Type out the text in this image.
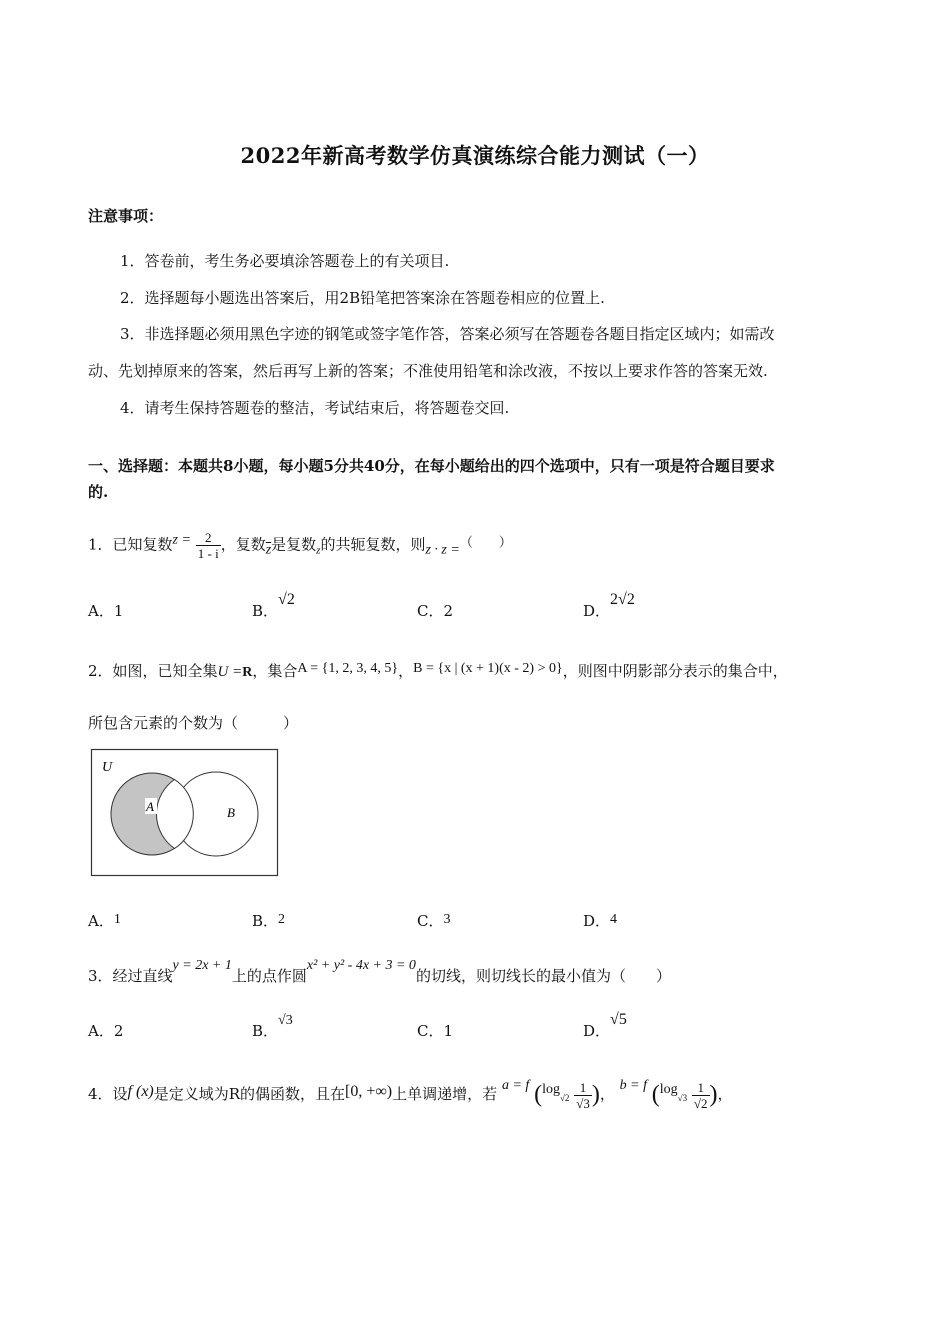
2022年新高考数学仿真演练综合能力测试（一）
注意事项：
1．答卷前，考生务必要填涂答题卷上的有关项目.
2．选择题每小题选出答案后，用2B铅笔把答案涂在答题卷相应的位置上.
3．非选择题必须用黑色字迹的钢笔或签字笔作答，答案必须写在答题卷各题目指定区域内；如需改
动、先划掉原来的答案，然后再写上新的答案；不准使用铅笔和涂改液，不按以上要求作答的答案无效.
4．请考生保持答题卷的整洁，考试结束后，将答题卷交回.
一、选择题：本题共8小题，每小题5分共40分，在每小题给出的四个选项中，只有一项是符合题目要求
的.
1．已知复数$z = \frac{2}{1 - i}$ ，复数$\overline{z}$是复数$_z$的共轭复数，则z · z =（　　）
A．1	B．√2
C．2	D．2√2
2．如图，已知全集U =R，集合A = {1, 2, 3, 4, 5}，B = {x | (x + 1)(x - 2) > 0}，则图中阴影部分表示的集合中，
所包含元素的个数为（　　　）
U
A	B
A．1	B．2	C．3	D．4
3．经过直线y = 2x + 1上的点作圆x² + y² - 4x + 3 = 0的切线，则切线长的最小值为（　　）
A．2	B．√3
C．1	D．√5
4．设f (x)是定义域为R的偶函数，且在[0, +∞)上单调递增，若 a = f ($\log√2 \frac{1}{√3}$ )， b = f ($\log√3 \frac{1}{√2}$ )，
